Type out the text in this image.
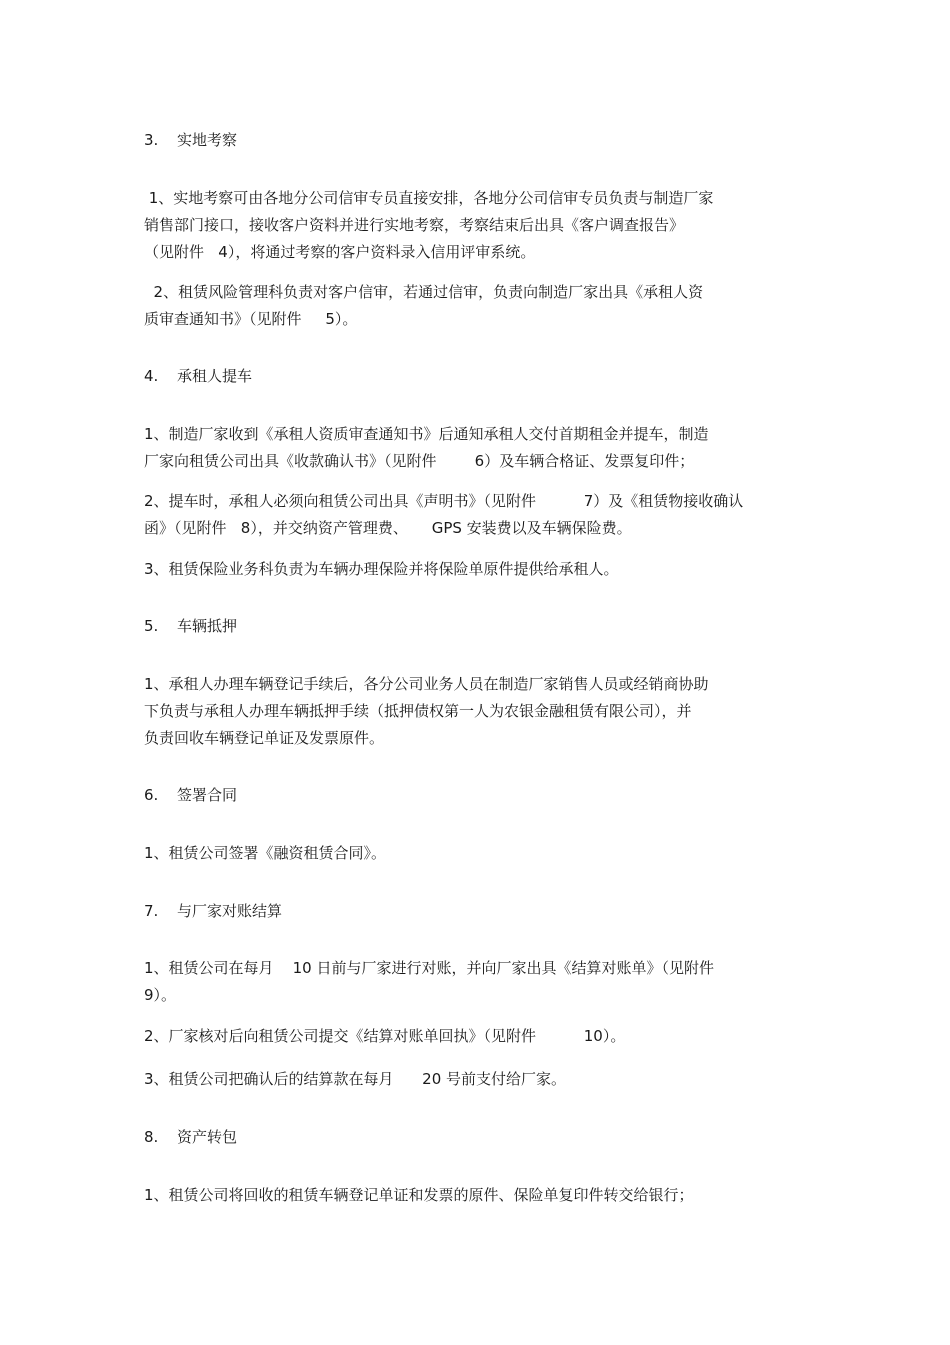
3. 实地考察
1、实地考察可由各地分公司信审专员直接安排，各地分公司信审专员负责与制造厂家
销售部门接口，接收客户资料并进行实地考察，考察结束后出具《客户调查报告》
（见附件   4），将通过考察的客户资料录入信用评审系统。
2、租赁风险管理科负责对客户信审，若通过信审，负责向制造厂家出具《承租人资
质审查通知书》（见附件     5）。
4. 承租人提车
1、制造厂家收到《承租人资质审查通知书》后通知承租人交付首期租金并提车，制造
厂家向租赁公司出具《收款确认书》（见附件        6）及车辆合格证、发票复印件；
2、提车时，承租人必须向租赁公司出具《声明书》（见附件          7）及《租赁物接收确认
函》（见附件   8），并交纳资产管理费、     GPS 安装费以及车辆保险费。
3、租赁保险业务科负责为车辆办理保险并将保险单原件提供给承租人。
5. 车辆抵押
1、承租人办理车辆登记手续后，各分公司业务人员在制造厂家销售人员或经销商协助
下负责与承租人办理车辆抵押手续（抵押债权第一人为农银金融租赁有限公司），并
负责回收车辆登记单证及发票原件。
6. 签署合同
1、租赁公司签署《融资租赁合同》。
7. 与厂家对账结算
1、租赁公司在每月    10 日前与厂家进行对账，并向厂家出具《结算对账单》（见附件
9）。
2、厂家核对后向租赁公司提交《结算对账单回执》（见附件          10）。
3、租赁公司把确认后的结算款在每月      20 号前支付给厂家。
8. 资产转包
1、租赁公司将回收的租赁车辆登记单证和发票的原件、保险单复印件转交给银行；
